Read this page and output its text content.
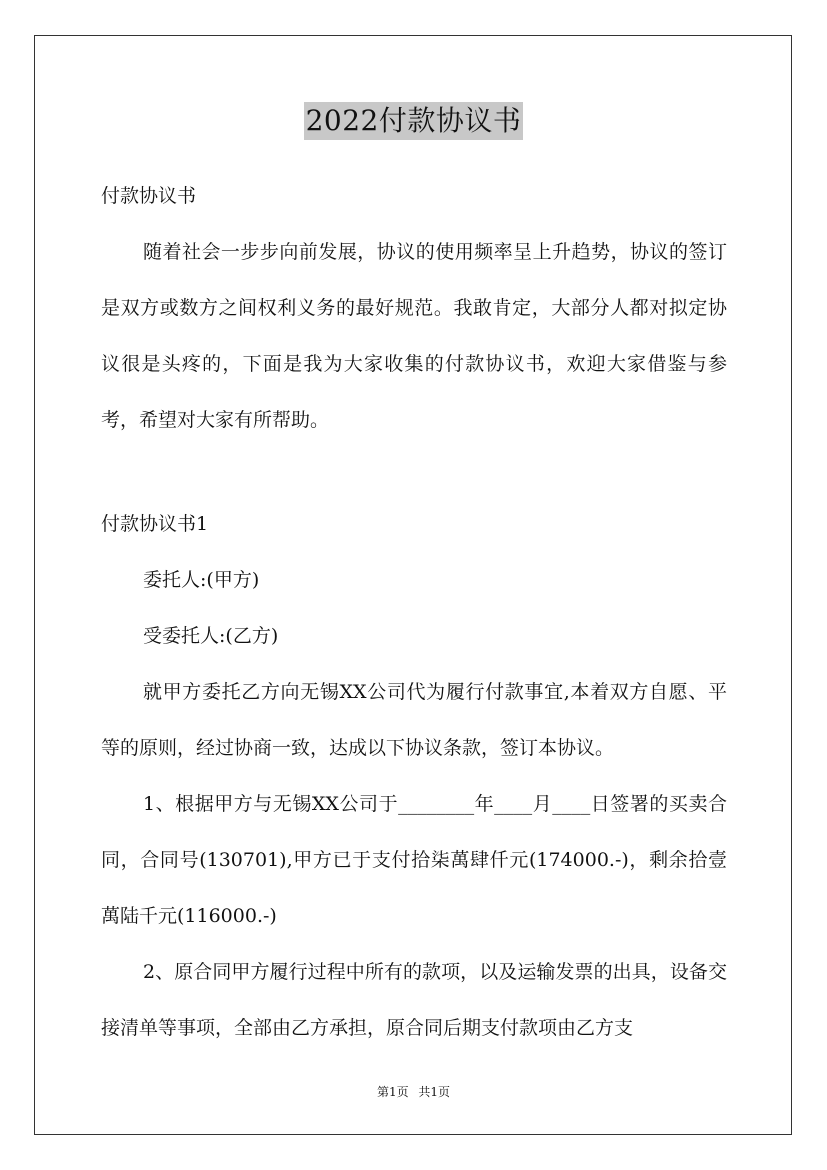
2022付款协议书

付款协议书

随着社会一步步向前发展，协议的使用频率呈上升趋势，协议的签订是双方或数方之间权利义务的最好规范。我敢肯定，大部分人都对拟定协议很是头疼的，下面是我为大家收集的付款协议书，欢迎大家借鉴与参考，希望对大家有所帮助。

付款协议书1

委托人:(甲方)

受委托人:(乙方)

就甲方委托乙方向无锡XX公司代为履行付款事宜,本着双方自愿、平等的原则，经过协商一致，达成以下协议条款，签订本协议。

1、根据甲方与无锡XX公司于________年____月____日签署的买卖合同，合同号(130701),甲方已于支付拾柒萬肆仟元(174000.-)，剩余拾壹萬陆千元(116000.-)

2、原合同甲方履行过程中所有的款项，以及运输发票的出具，设备交接清单等事项，全部由乙方承担，原合同后期支付款项由乙方支

第1页 共1页
